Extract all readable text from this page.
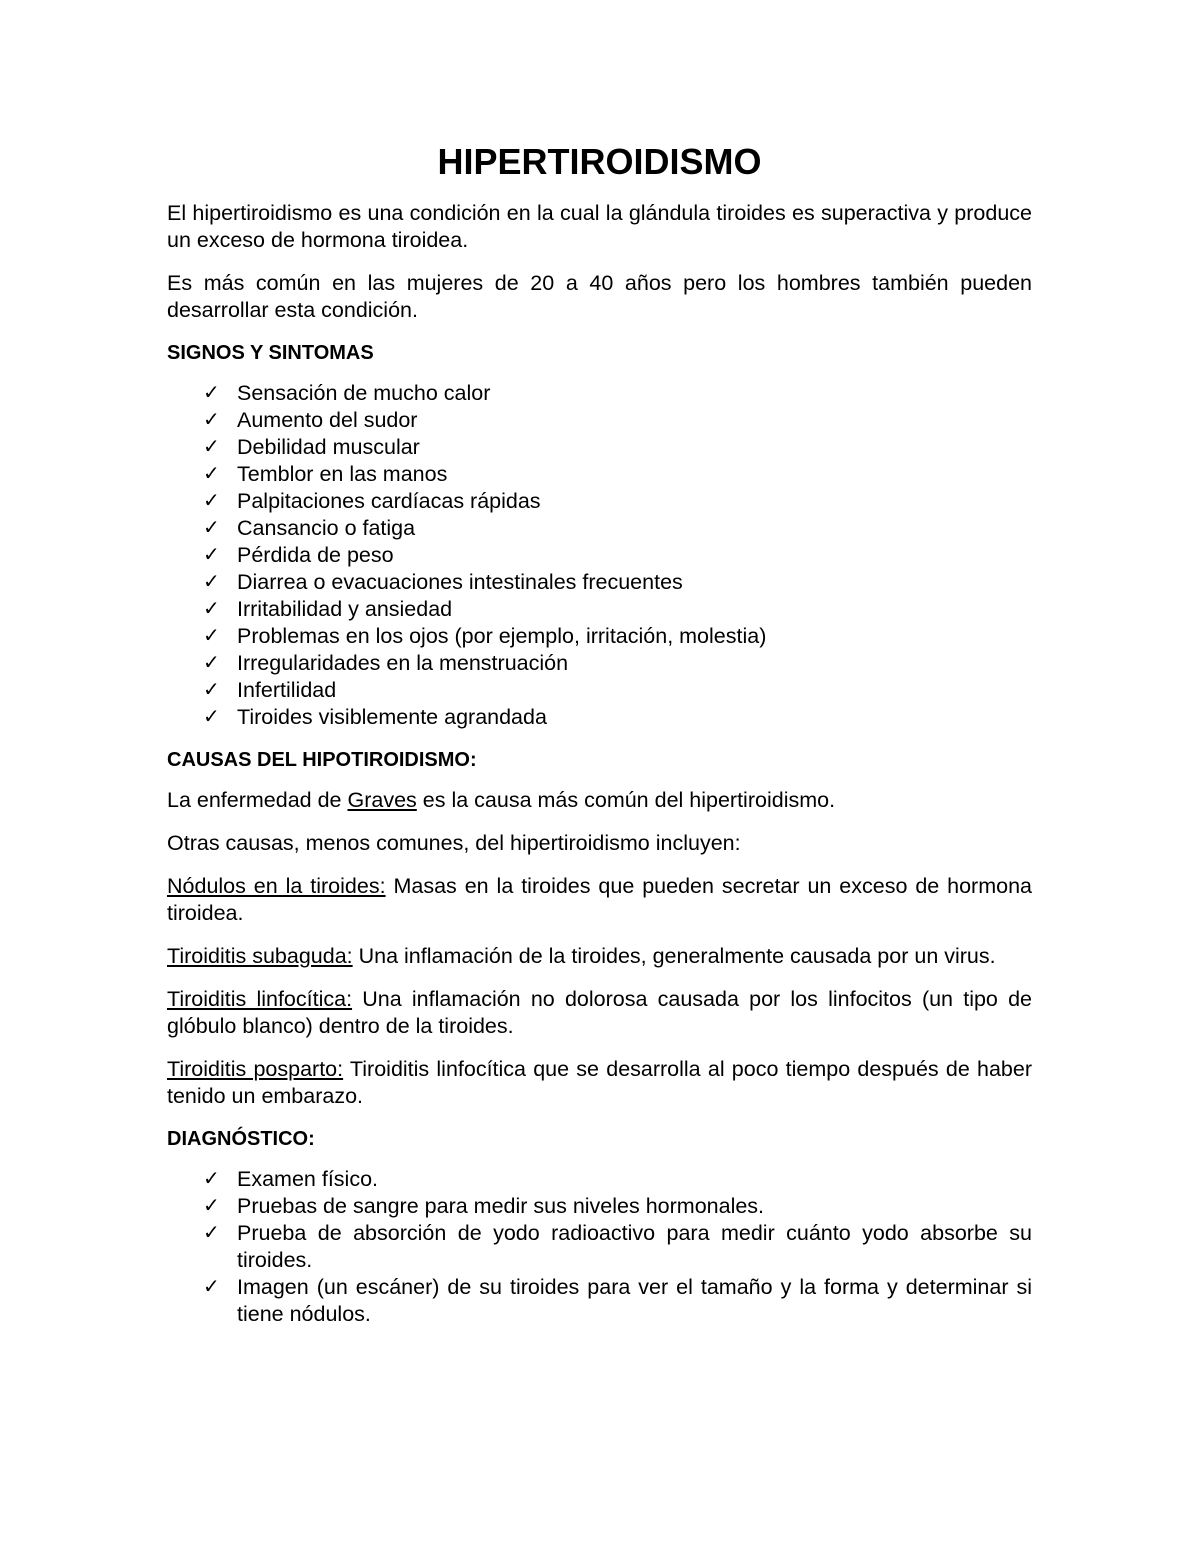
HIPERTIROIDISMO

El hipertiroidismo es una condición en la cual la glándula tiroides es superactiva y produce un exceso de hormona tiroidea.

Es más común en las mujeres de 20 a 40 años pero los hombres también pueden desarrollar esta condición.

SIGNOS Y SINTOMAS
✓ Sensación de mucho calor
✓ Aumento del sudor
✓ Debilidad muscular
✓ Temblor en las manos
✓ Palpitaciones cardíacas rápidas
✓ Cansancio o fatiga
✓ Pérdida de peso
✓ Diarrea o evacuaciones intestinales frecuentes
✓ Irritabilidad y ansiedad
✓ Problemas en los ojos (por ejemplo, irritación, molestia)
✓ Irregularidades en la menstruación
✓ Infertilidad
✓ Tiroides visiblemente agrandada
CAUSAS DEL HIPOTIROIDISMO:

La enfermedad de Graves es la causa más común del hipertiroidismo.

Otras causas, menos comunes, del hipertiroidismo incluyen:

Nódulos en la tiroides: Masas en la tiroides que pueden secretar un exceso de hormona tiroidea.

Tiroiditis subaguda: Una inflamación de la tiroides, generalmente causada por un virus.

Tiroiditis linfocítica: Una inflamación no dolorosa causada por los linfocitos (un tipo de glóbulo blanco) dentro de la tiroides.

Tiroiditis posparto: Tiroiditis linfocítica que se desarrolla al poco tiempo después de haber tenido un embarazo.

DIAGNÓSTICO:
✓ Examen físico.
✓ Pruebas de sangre para medir sus niveles hormonales.
✓ Prueba de absorción de yodo radioactivo para medir cuánto yodo absorbe su tiroides.
✓ Imagen (un escáner) de su tiroides para ver el tamaño y la forma y determinar si tiene nódulos.
